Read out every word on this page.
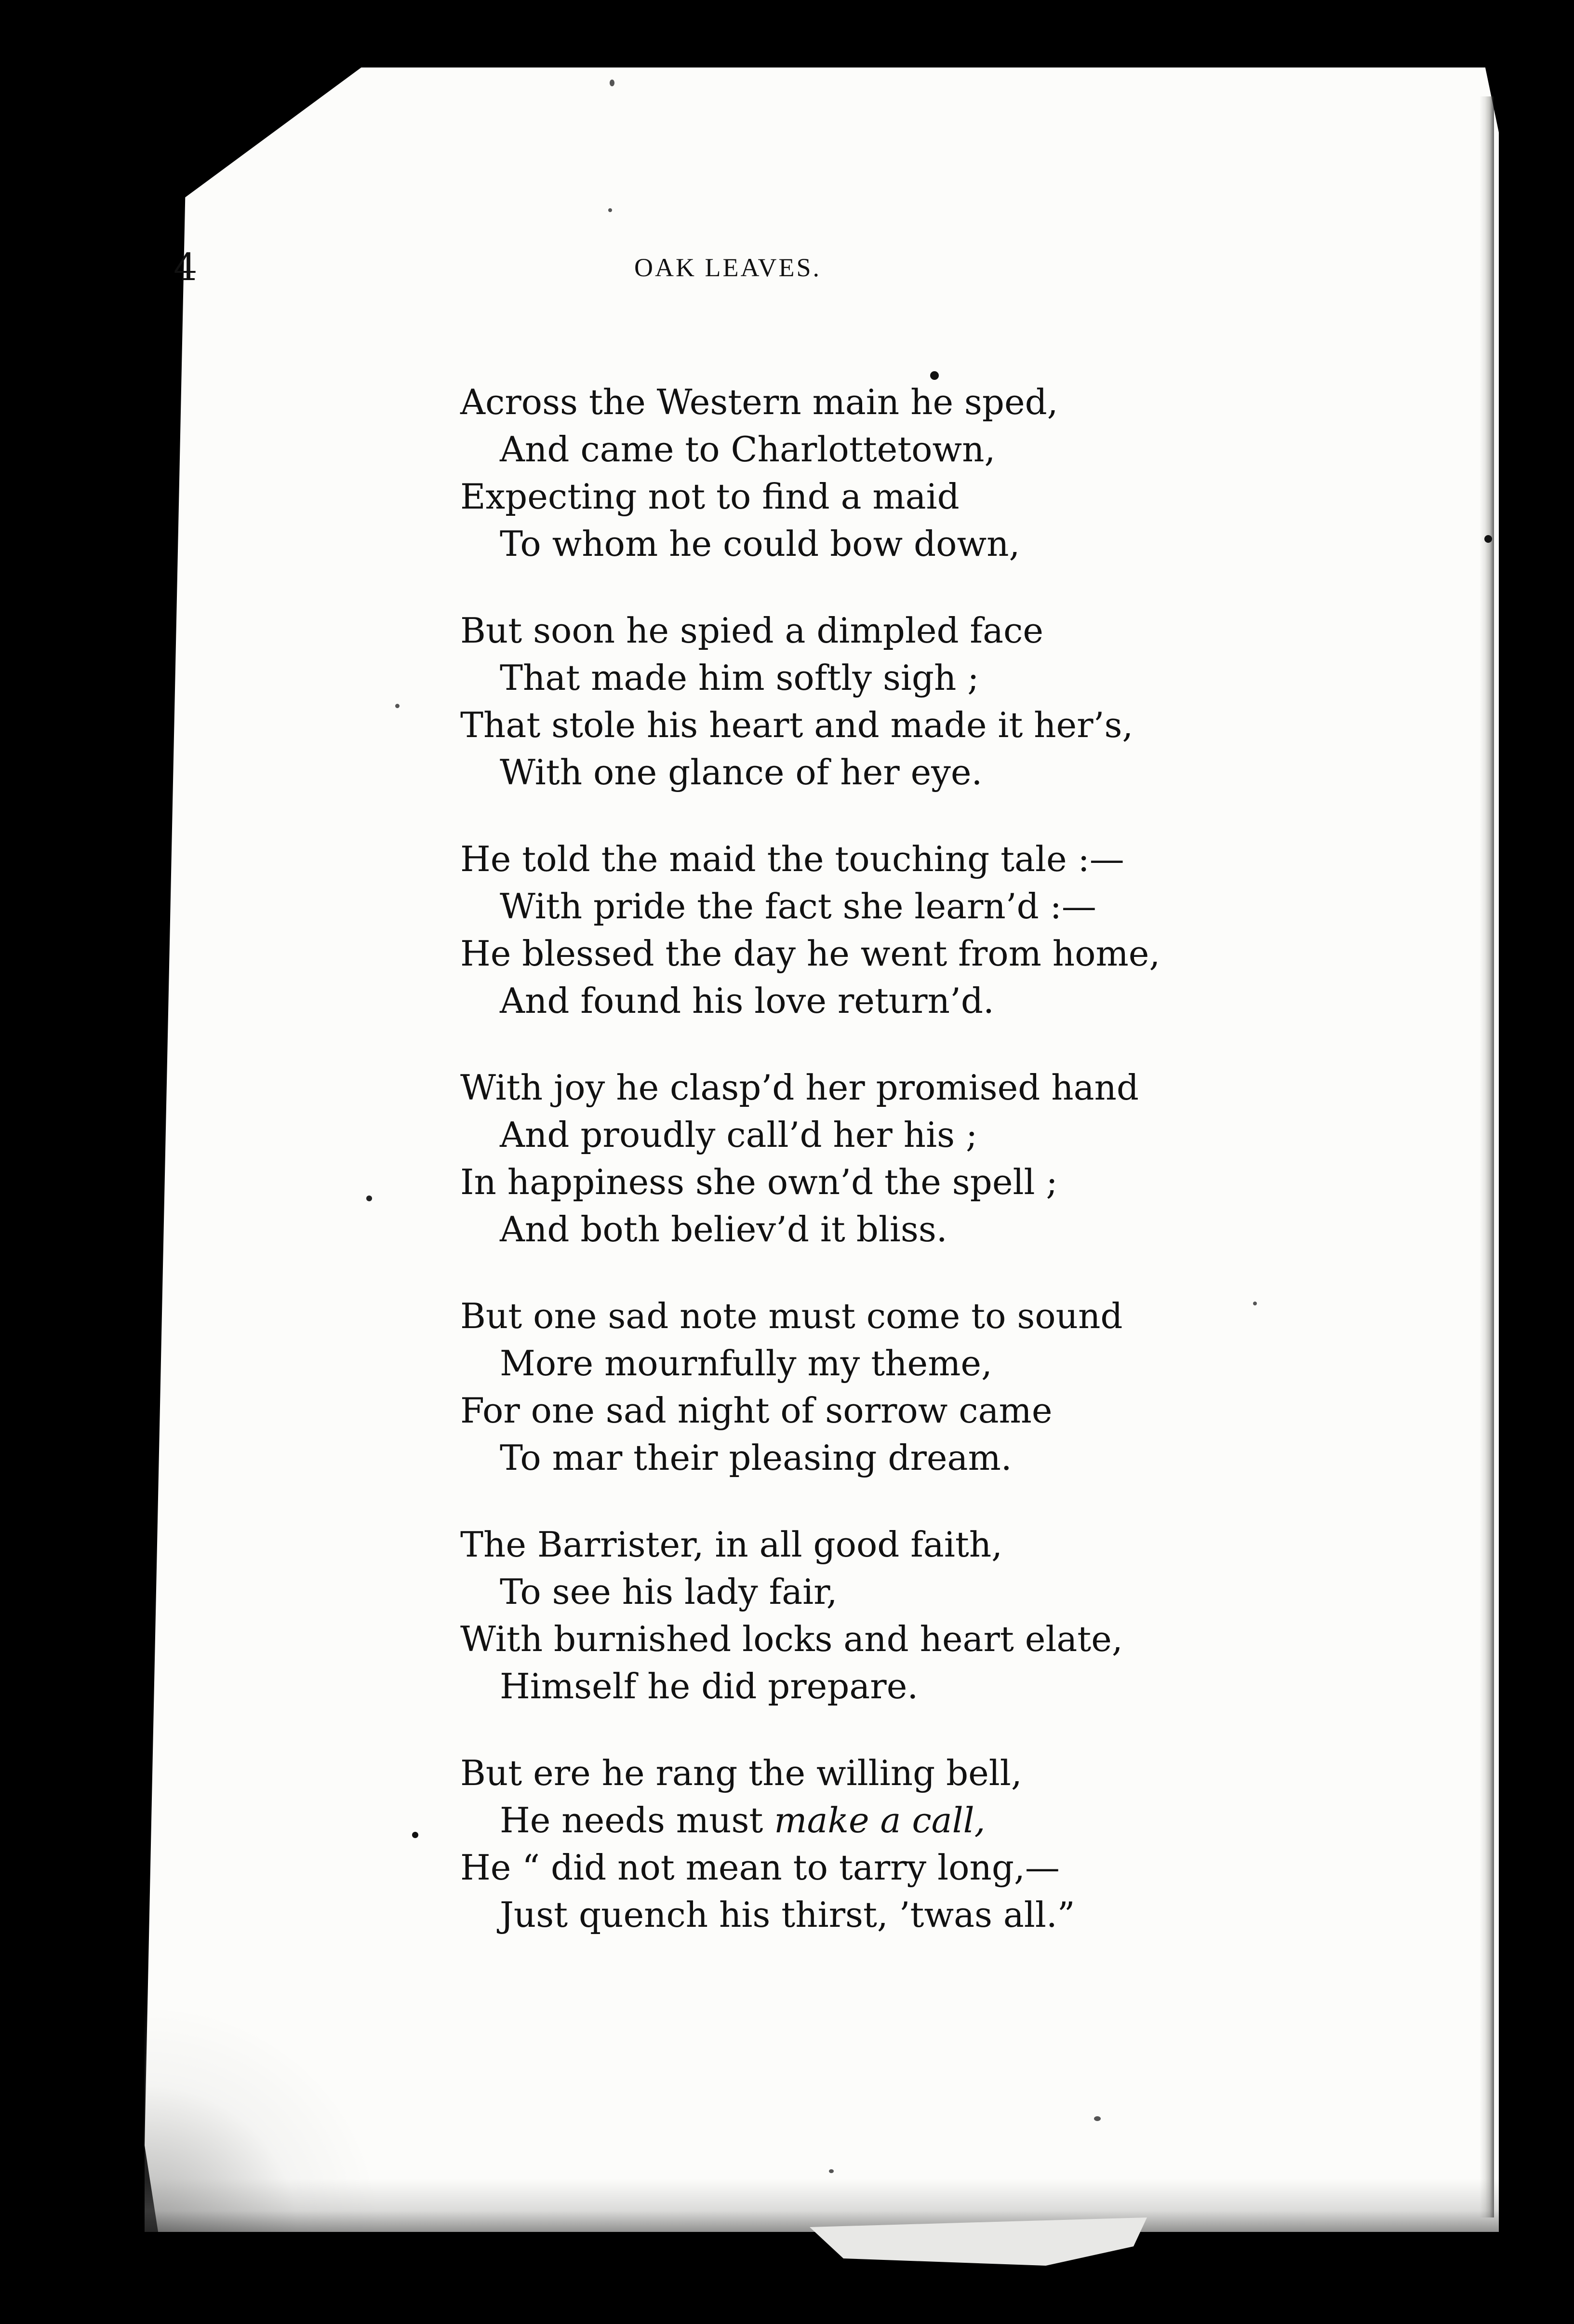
4	OAK LEAVES.
Across the Western main he sped,
And came to Charlottetown,
Expecting not to find a maid
To whom he could bow down,
But soon he spied a dimpled face
That made him softly sigh ;
That stole his heart and made it her’s,
With one glance of her eye.
He told the maid the touching tale :—
With pride the fact she learn’d :—
He blessed the day he went from home,
And found his love return’d.
With joy he clasp’d her promised hand
And proudly call’d her his ;
In happiness she own’d the spell ;
And both believ’d it bliss.
But one sad note must come to sound
More mournfully my theme,
For one sad night of sorrow came
To mar their pleasing dream.
The Barrister, in all good faith,
To see his lady fair,
With burnished locks and heart elate,
Himself he did prepare.
But ere he rang the willing bell,
He needs must make a call,
He “ did not mean to tarry long,—
Just quench his thirst, ’twas all.”
